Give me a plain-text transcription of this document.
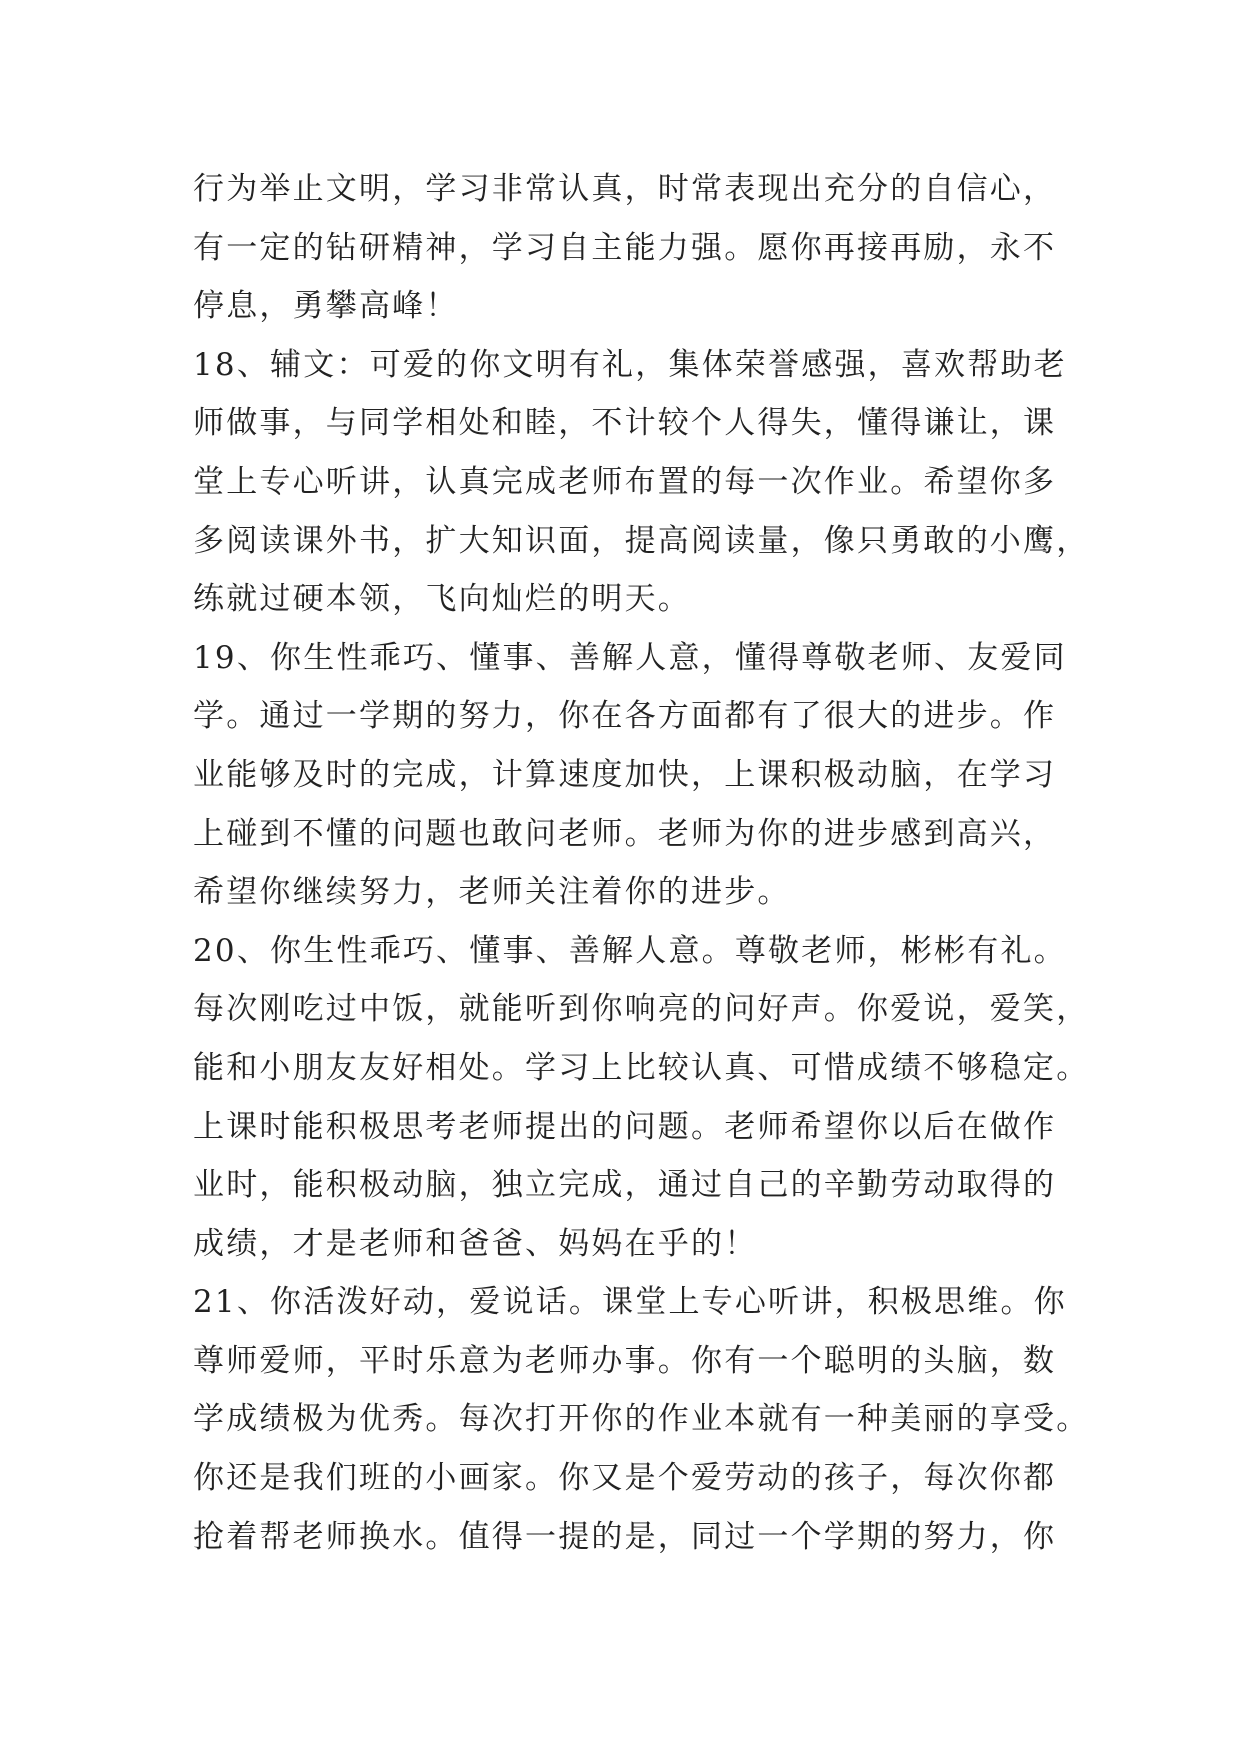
行为举止文明，学习非常认真，时常表现出充分的自信心，
有一定的钻研精神，学习自主能力强。愿你再接再励，永不
停息，勇攀高峰！
18、辅文：可爱的你文明有礼，集体荣誉感强，喜欢帮助老
师做事，与同学相处和睦，不计较个人得失，懂得谦让，课
堂上专心听讲，认真完成老师布置的每一次作业。希望你多
多阅读课外书，扩大知识面，提高阅读量，像只勇敢的小鹰，
练就过硬本领，飞向灿烂的明天。
19、你生性乖巧、懂事、善解人意，懂得尊敬老师、友爱同
学。通过一学期的努力，你在各方面都有了很大的进步。作
业能够及时的完成，计算速度加快，上课积极动脑，在学习
上碰到不懂的问题也敢问老师。老师为你的进步感到高兴，
希望你继续努力，老师关注着你的进步。
20、你生性乖巧、懂事、善解人意。尊敬老师，彬彬有礼。
每次刚吃过中饭，就能听到你响亮的问好声。你爱说，爱笑，
能和小朋友友好相处。学习上比较认真、可惜成绩不够稳定。
上课时能积极思考老师提出的问题。老师希望你以后在做作
业时，能积极动脑，独立完成，通过自己的辛勤劳动取得的
成绩，才是老师和爸爸、妈妈在乎的！
21、你活泼好动，爱说话。课堂上专心听讲，积极思维。你
尊师爱师，平时乐意为老师办事。你有一个聪明的头脑，数
学成绩极为优秀。每次打开你的作业本就有一种美丽的享受。
你还是我们班的小画家。你又是个爱劳动的孩子，每次你都
抢着帮老师换水。值得一提的是，同过一个学期的努力，你
